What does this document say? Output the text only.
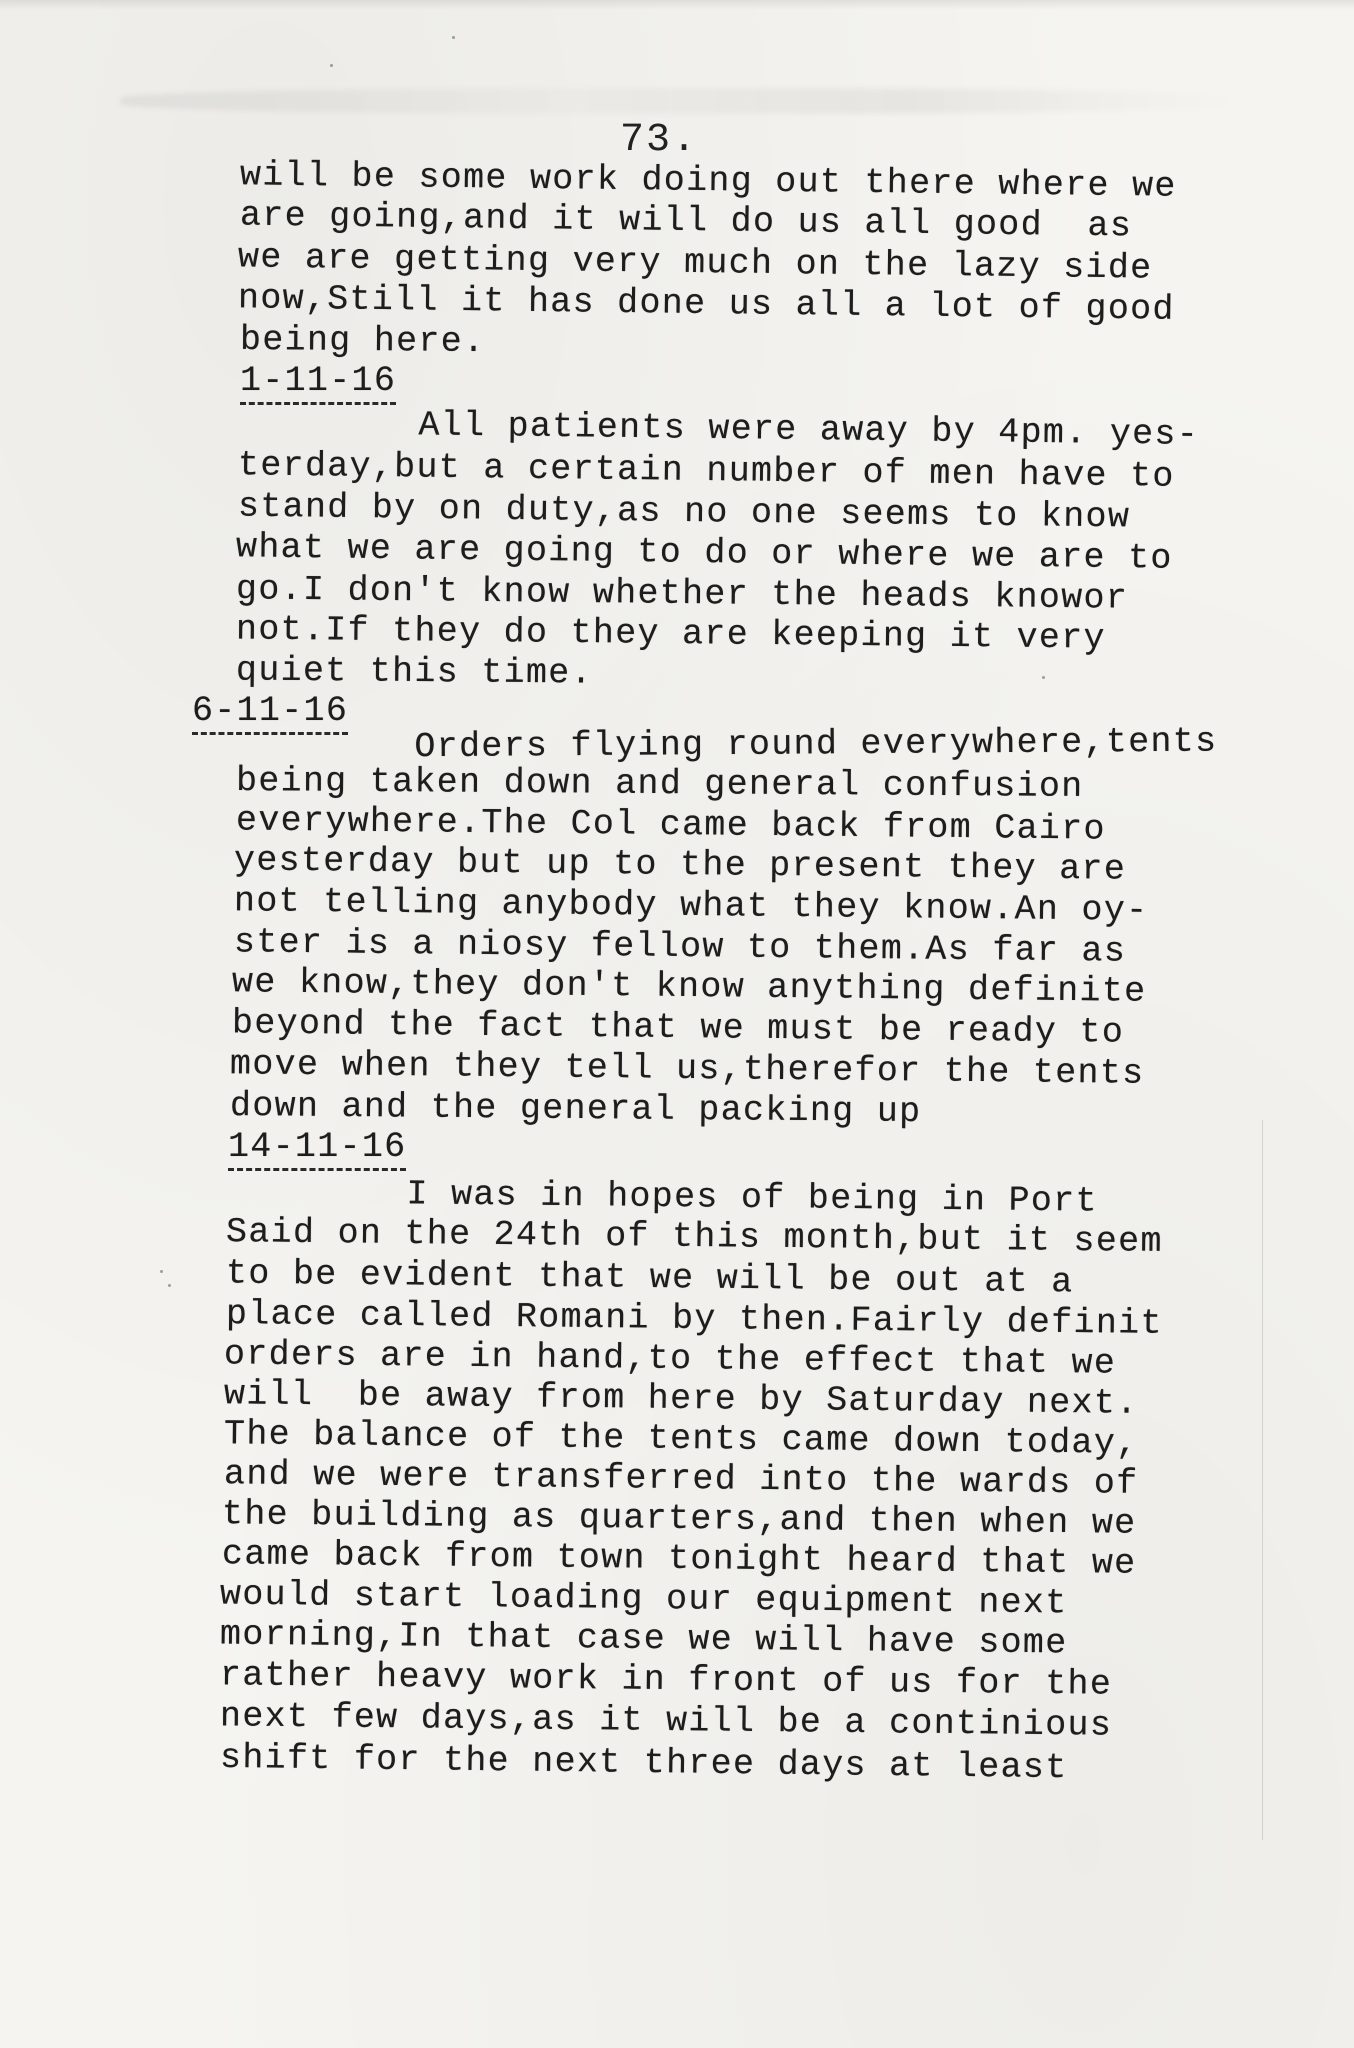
73.
will be some work doing out there where we
are going,and it will do us all good  as
we are getting very much on the lazy side
now,Still it has done us all a lot of good
being here.
1-11-16
All patients were away by 4pm. yes-
terday,but a certain number of men have to
stand by on duty,as no one seems to know
what we are going to do or where we are to
go.I don't know whether the heads knowor
not.If they do they are keeping it very
quiet this time.
6-11-16
Orders flying round everywhere,tents
being taken down and general confusion
everywhere.The Col came back from Cairo
yesterday but up to the present they are
not telling anybody what they know.An oy-
ster is a niosy fellow to them.As far as
we know,they don't know anything definite
beyond the fact that we must be ready to
move when they tell us,therefor the tents
down and the general packing up
14-11-16
I was in hopes of being in Port
Said on the 24th of this month,but it seem
to be evident that we will be out at a
place called Romani by then.Fairly definit
orders are in hand,to the effect that we
will  be away from here by Saturday next.
The balance of the tents came down today,
and we were transferred into the wards of
the building as quarters,and then when we
came back from town tonight heard that we
would start loading our equipment next
morning,In that case we will have some
rather heavy work in front of us for the
next few days,as it will be a continious
shift for the next three days at least
